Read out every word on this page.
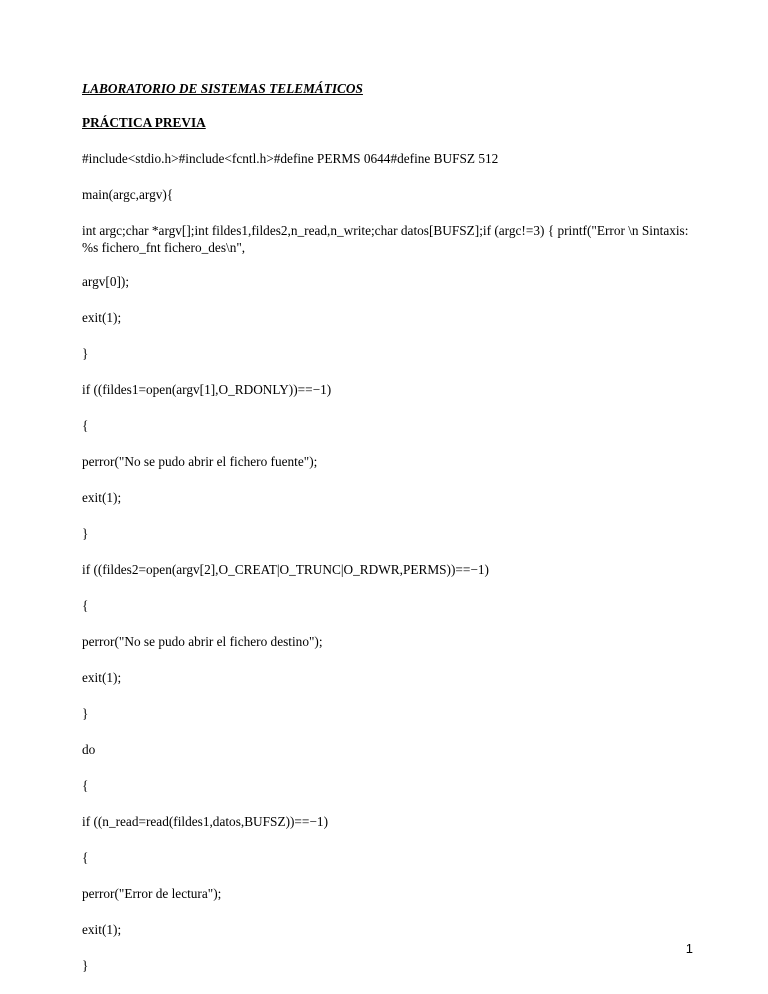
LABORATORIO DE SISTEMAS TELEMÁTICOS
PRÁCTICA PREVIA
#include<stdio.h>#include<fcntl.h>#define PERMS 0644#define BUFSZ 512
main(argc,argv){
int argc;char *argv[];int fildes1,fildes2,n_read,n_write;char datos[BUFSZ];if (argc!=3) { printf("Error \n Sintaxis: %s fichero_fnt fichero_des\n",
argv[0]);
exit(1);
}
if ((fildes1=open(argv[1],O_RDONLY))==−1)
{
perror("No se pudo abrir el fichero fuente");
exit(1);
}
if ((fildes2=open(argv[2],O_CREAT|O_TRUNC|O_RDWR,PERMS))==−1)
{
perror("No se pudo abrir el fichero destino");
exit(1);
}
do
{
if ((n_read=read(fildes1,datos,BUFSZ))==−1)
{
perror("Error de lectura");
exit(1);
}
1
